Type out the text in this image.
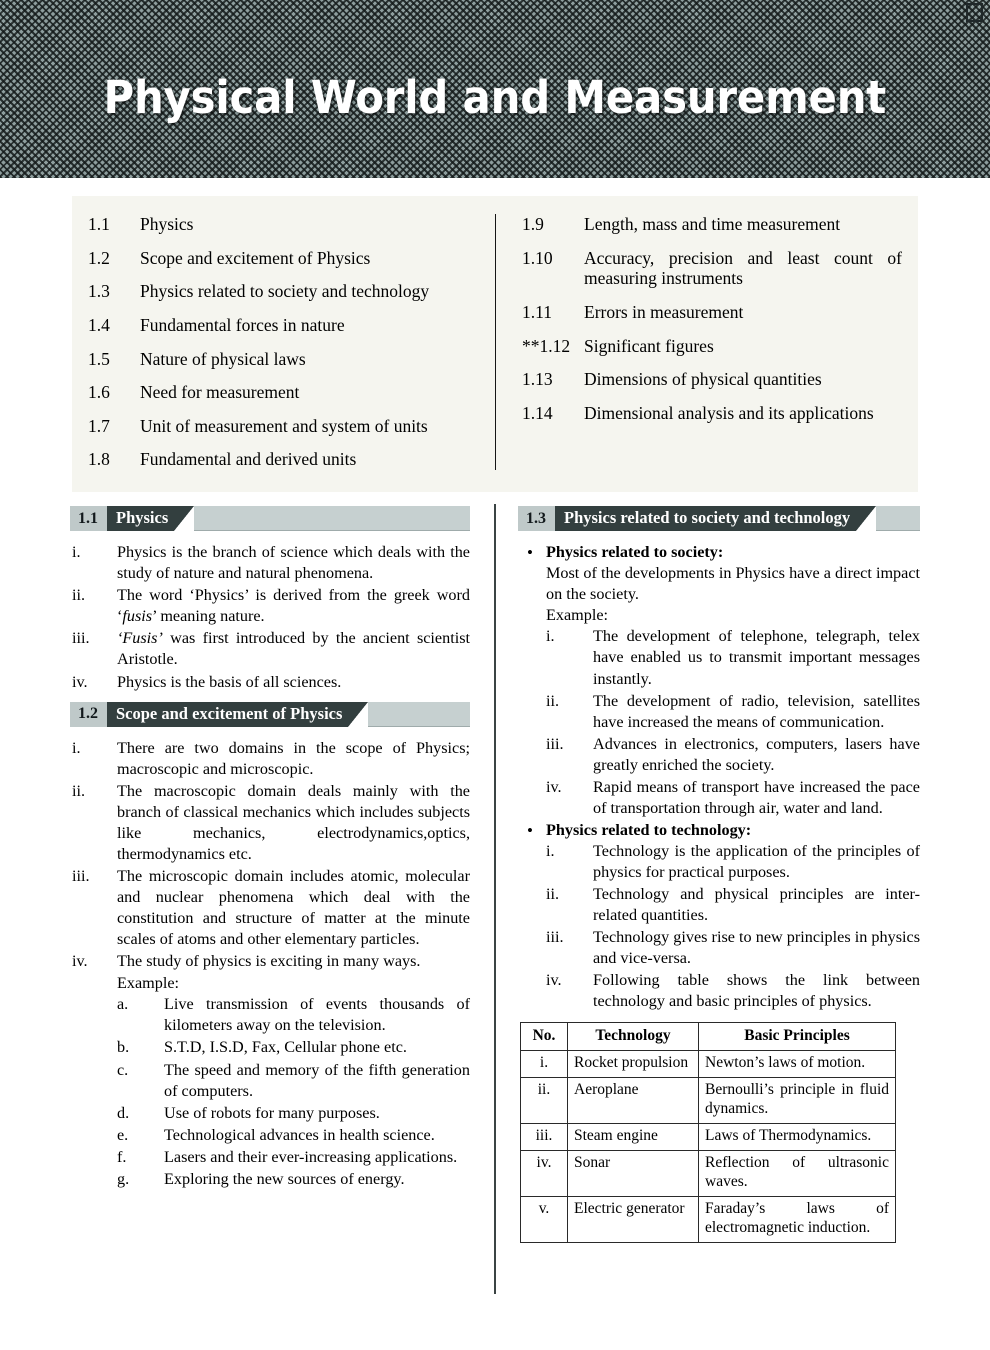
Physical World and Measurement
1.1	Physics
1.2	Scope and excitement of Physics
1.3	Physics related to society and technology
1.4	Fundamental forces in nature
1.5	Nature of physical laws
1.6	Need for measurement
1.7	Unit of measurement and system of units
1.8	Fundamental and derived units
1.9	Length, mass and time measurement
1.10	Accuracy, precision and least count of measuring instruments
1.11	Errors in measurement
**1.12 Significant figures
1.13	Dimensions of physical quantities
1.14	Dimensional analysis and its applications
1.1	Physics
i.	Physics is the branch of science which deals with the study of nature and natural phenomena.
ii.	The word ‘Physics’ is derived from the greek word ‘fusis’ meaning nature.
iii.	‘Fusis’ was first introduced by the ancient scientist Aristotle.
iv.	Physics is the basis of all sciences.
1.2	Scope and excitement of Physics
i.	There are two domains in the scope of Physics; macroscopic and microscopic.
ii.	The macroscopic domain deals mainly with the branch of classical mechanics which includes subjects like mechanics, electrodynamics,optics, thermodynamics etc.
iii.	The microscopic domain includes atomic, molecular and nuclear phenomena which deal with the constitution and structure of matter at the minute scales of atoms and other elementary particles.
iv.	The study of physics is exciting in many ways.
Example:
a.	Live transmission of events thousands of kilometers away on the television.
b.	S.T.D, I.S.D, Fax, Cellular phone etc.
c.	The speed and memory of the fifth generation of computers.
d.	Use of robots for many purposes.
e.	Technological advances in health science.
f.	Lasers and their ever-increasing applications.
g.	Exploring the new sources of energy.
1.3	Physics related to society and technology
• Physics related to society:
Most of the developments in Physics have a direct impact on the society.
Example:
i.	The development of telephone, telegraph, telex have enabled us to transmit important messages instantly.
ii.	The development of radio, television, satellites have increased the means of communication.
iii.	Advances in electronics, computers, lasers have greatly enriched the society.
iv.	Rapid means of transport have increased the pace of transportation through air, water and land.
• Physics related to technology:
i.	Technology is the application of the principles of physics for practical purposes.
ii.	Technology and physical principles are inter-related quantities.
iii.	Technology gives rise to new principles in physics and vice-versa.
iv.	Following table shows the link between technology and basic principles of physics.
No.	Technology	Basic Principles
i.	Rocket propulsion	Newton’s laws of motion.
ii.	Aeroplane	Bernoulli’s principle in fluid dynamics.
iii.	Steam engine	Laws of Thermodynamics.
iv.	Sonar	Reflection of ultrasonic waves.
v.	Electric generator	Faraday’s laws of electromagnetic induction.
